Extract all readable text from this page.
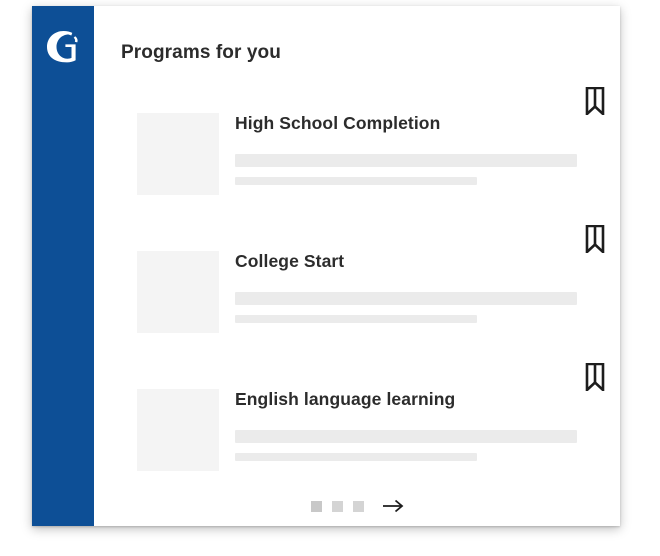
Programs for you
High School Completion
College Start
English language learning
